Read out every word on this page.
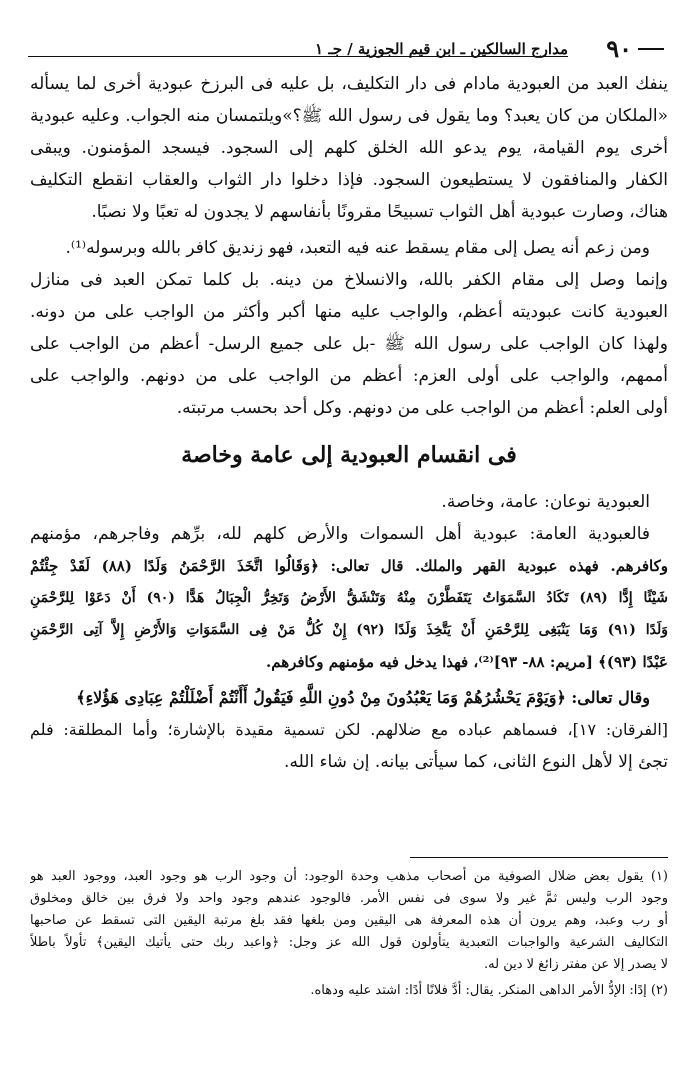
٩٠
مدارج السالكين ـ ابن قيم الجوزية / جـ ١
ينفك العبد من العبودية مادام فى دار التكليف، بل عليه فى البرزخ عبودية أخرى لما يسأله
«الملكان من كان يعبد؟ وما يقول فى رسول الله ﷺ؟»ويلتمسان منه الجواب. وعليه عبودية
أخرى يوم القيامة، يوم يدعو الله الخلق كلهم إلى السجود. فيسجد المؤمنون. ويبقى
الكفار والمنافقون لا يستطيعون السجود. فإذا دخلوا دار الثواب والعقاب انقطع التكليف
هناك، وصارت عبودية أهل الثواب تسبيحًا مقرونًا بأنفاسهم لا يجدون له تعبًا ولا نصبًا.
ومن زعم أنه يصل إلى مقام يسقط عنه فيه التعبد، فهو زنديق كافر بالله وبرسوله⁽¹⁾.
وإنما وصل إلى مقام الكفر بالله، والانسلاخ من دينه. بل كلما تمكن العبد فى منازل
العبودية كانت عبوديته أعظم، والواجب عليه منها أكبر وأكثر من الواجب على من دونه.
ولهذا كان الواجب على رسول الله ﷺ -بل على جميع الرسل- أعظم من الواجب على
أممهم، والواجب على أولى العزم: أعظم من الواجب على من دونهم. والواجب على
أولى العلم: أعظم من الواجب على من دونهم. وكل أحد بحسب مرتبته.
فى انقسام العبودية إلى عامة وخاصة
العبودية نوعان: عامة، وخاصة.
فالعبودية العامة: عبودية أهل السموات والأرض كلهم لله، برِّهم وفاجرهم، مؤمنهم
وكافرهم. فهذه عبودية القهر والملك. قال تعالى: ﴿وَقَالُوا اتَّخَذَ الرَّحْمَنُ وَلَدًا (٨٨) لَقَدْ جِئْتُمْ
شَيْئًا إِدًّا (٨٩) تَكَادُ السَّمَوَاتُ يَتَفَطَّرْنَ مِنْهُ وَتَنْشَقُّ الأَرْضُ وَتَخِرُّ الْجِبَالُ هَدًّا (٩٠) أَنْ دَعَوْا لِلرَّحْمَنِ
وَلَدًا (٩١) وَمَا يَنْبَغِى لِلرَّحْمَنِ أَنْ يَتَّخِذَ وَلَدًا (٩٢) إِنْ كُلُّ مَنْ فِى السَّمَوَاتِ وَالأَرْضِ إِلاَّ آتِى الرَّحْمَنِ
عَبْدًا (٩٣)﴾ [مريم: ٨٨- ٩٣]⁽²⁾، فهذا يدخل فيه مؤمنهم وكافرهم.
وقال تعالى: ﴿وَيَوْمَ يَحْشُرُهُمْ وَمَا يَعْبُدُونَ مِنْ دُونِ اللَّهِ فَيَقُولُ أَأَنْتُمْ أَضْلَلْتُمْ عِبَادِى هَؤُلاءِ﴾
[الفرقان: ١٧]، فسماهم عباده مع ضلالهم. لكن تسمية مقيدة بالإشارة؛ وأما المطلقة: فلم
تجئ إلا لأهل النوع الثانى، كما سيأتى بيانه. إن شاء الله.
(١) يقول بعض ضلال الصوفية من أصحاب مذهب وحدة الوجود: أن وجود الرب هو وجود العبد، ووجود العبد هو
وجود الرب وليس ثمَّ غير ولا سوى فى نفس الأمر. فالوجود عندهم وجود واحد ولا فرق بين خالق ومخلوق
أو رب وعبد، وهم يرون أن هذه المعرفة هى اليقين ومن بلغها فقد بلغ مرتبة اليقين التى تسقط عن صاحبها
التكاليف الشرعية والواجبات التعبدية يتأولون قول الله عز وجل: ﴿واعبد ربك حتى يأتيك اليقين﴾ تأولاً باطلاً
لا يصدر إلا عن مفتر زائغ لا دين له.
(٢) إدًا: الإدُّ الأمر الداهى المنكر. يقال: أدَّ فلانًا أدًا: اشتد عليه ودهاه.
